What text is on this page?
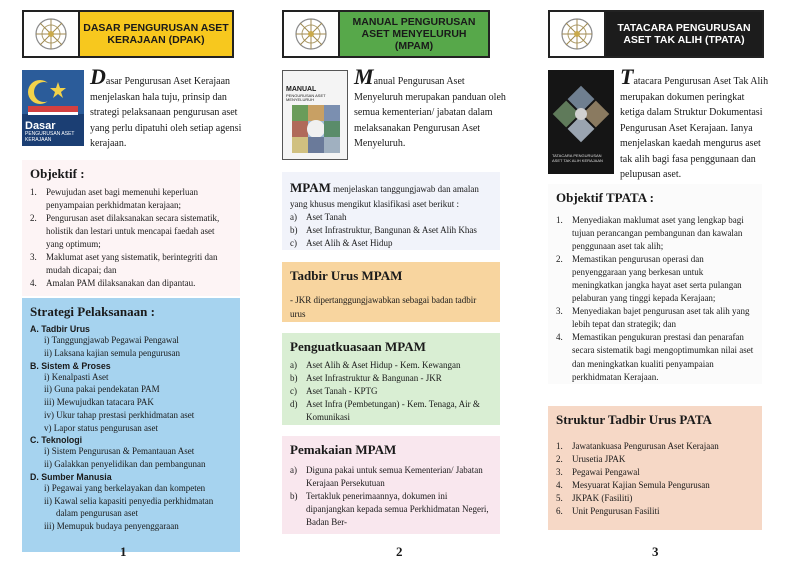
DASAR PENGURUSAN ASET KERAJAAN (DPAK)
Dasar
PENGURUSAN ASET KERAJAAN
Dasar Pengurusan Aset Kerajaan menjelaskan hala tuju, prinsip dan strategi pelaksanaan pengurusan aset yang perlu dipatuhi oleh setiap agensi kerajaan.
Objektif :
1.	Pewujudan aset bagi memenuhi keperluan penyampaian perkhidmatan kerajaan;
2.	Pengurusan aset dilaksanakan secara sistematik, holistik dan lestari untuk mencapai faedah aset yang optimum;
3.	Maklumat aset yang sistematik, berintegriti dan mudah dicapai; dan
4.	Amalan PAM dilaksanakan dan dipantau.
Strategi Pelaksanaan :
A. Tadbir Urus
i) Tanggungjawab Pegawai Pengawal
ii) Laksana kajian semula pengurusan
B. Sistem & Proses
i) Kenalpasti Aset
ii) Guna pakai pendekatan PAM
iii) Mewujudkan tatacara PAK
iv) Ukur tahap prestasi perkhidmatan aset
v) Lapor status pengurusan aset
C. Teknologi
i) Sistem Pengurusan & Pemantauan Aset
ii) Galakkan penyelidikan dan pembangunan
D. Sumber Manusia
i) Pegawai yang berkelayakan dan kompeten
ii) Kawal selia kapasiti penyedia perkhidmatan
dalam pengurusan aset
iii) Memupuk budaya penyenggaraan
1
MANUAL PENGURUSAN ASET MENYELURUH (MPAM)
MANUAL
PENGURUSAN ASET MENYELURUH
Manual Pengurusan Aset Menyeluruh merupakan panduan oleh semua kementerian/ jabatan dalam melaksanakan Pengurusan Aset Menyeluruh.
MPAM menjelaskan tanggungjawab dan amalan yang khusus mengikut klasifikasi aset berikut :
a)	Aset Tanah
b) Aset Infrastruktur, Bangunan & Aset Alih Khas
c)	Aset Alih & Aset Hidup
Tadbir Urus MPAM
- JKR dipertanggungjawabkan sebagai badan tadbir urus
Penguatkuasaan MPAM
a)	Aset Alih & Aset Hidup - Kem. Kewangan
b) Aset Infrastruktur & Bangunan - JKR
c)	Aset Tanah - KPTG
d) Aset Infra (Pembetungan) - Kem. Tenaga, Air & Komunikasi
Pemakaian MPAM
a)	Diguna pakai untuk semua Kementerian/ Jabatan Kerajaan Persekutuan
b) Tertakluk penerimaannya, dokumen ini dipanjangkan kepada semua Perkhidmatan Negeri, Badan Ber-
2
TATACARA PENGURUSAN ASET TAK ALIH (TPATA)
TATACARA PENGURUSAN ASET TAK ALIH KERAJAAN
Tatacara Pengurusan Aset Tak Alih merupakan dokumen peringkat ketiga dalam Struktur Dokumentasi Pengurusan Aset Kerajaan. Ianya menjelaskan kaedah mengurus aset tak alih bagi fasa penggunaan dan pelupusan aset.
Objektif TPATA :
1.	Menyediakan maklumat aset yang lengkap bagi tujuan perancangan pembangunan dan kawalan penggunaan aset tak alih;
2.	Memastikan pengurusan operasi dan penyenggaraan yang berkesan untuk meningkatkan jangka hayat aset serta pulangan pelaburan yang tinggi kepada Kerajaan;
3.	Menyediakan bajet pengurusan aset tak alih yang lebih tepat dan strategik; dan
4.	Memastikan pengukuran prestasi dan penarafan secara sistematik bagi mengoptimumkan nilai aset dan meningkatkan kualiti penyampaian perkhidmatan Kerajaan.
Struktur Tadbir Urus PATA
1.	Jawatankuasa Pengurusan Aset Kerajaan
2.	Urusetia JPAK
3.	Pegawai Pengawal
4.	Mesyuarat Kajian Semula Pengurusan
5.	JKPAK (Fasiliti)
6.	Unit Pengurusan Fasiliti
3
